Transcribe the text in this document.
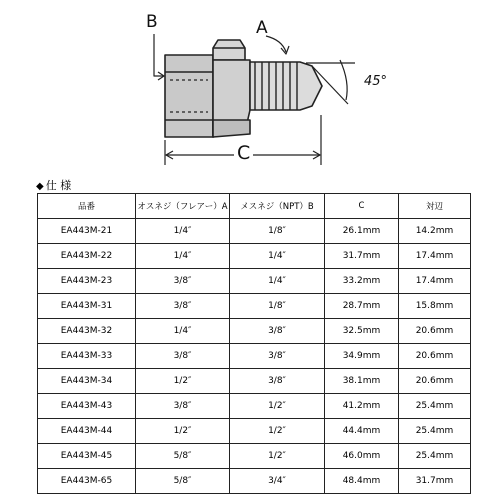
B	A
C
45°
◆ 仕 様
品番	オスネジ（フレアー）A	メスネジ（NPT）B	C	対辺
EA443M-21	1/4″	1/8″	26.1mm	14.2mm
EA443M-22	1/4″	1/4″	31.7mm	17.4mm
EA443M-23	3/8″	1/4″	33.2mm	17.4mm
EA443M-31	3/8″	1/8″	28.7mm	15.8mm
EA443M-32	1/4″	3/8″	32.5mm	20.6mm
EA443M-33	3/8″	3/8″	34.9mm	20.6mm
EA443M-34	1/2″	3/8″	38.1mm	20.6mm
EA443M-43	3/8″	1/2″	41.2mm	25.4mm
EA443M-44	1/2″	1/2″	44.4mm	25.4mm
EA443M-45	5/8″	1/2″	46.0mm	25.4mm
EA443M-65	5/8″	3/4″	48.4mm	31.7mm
